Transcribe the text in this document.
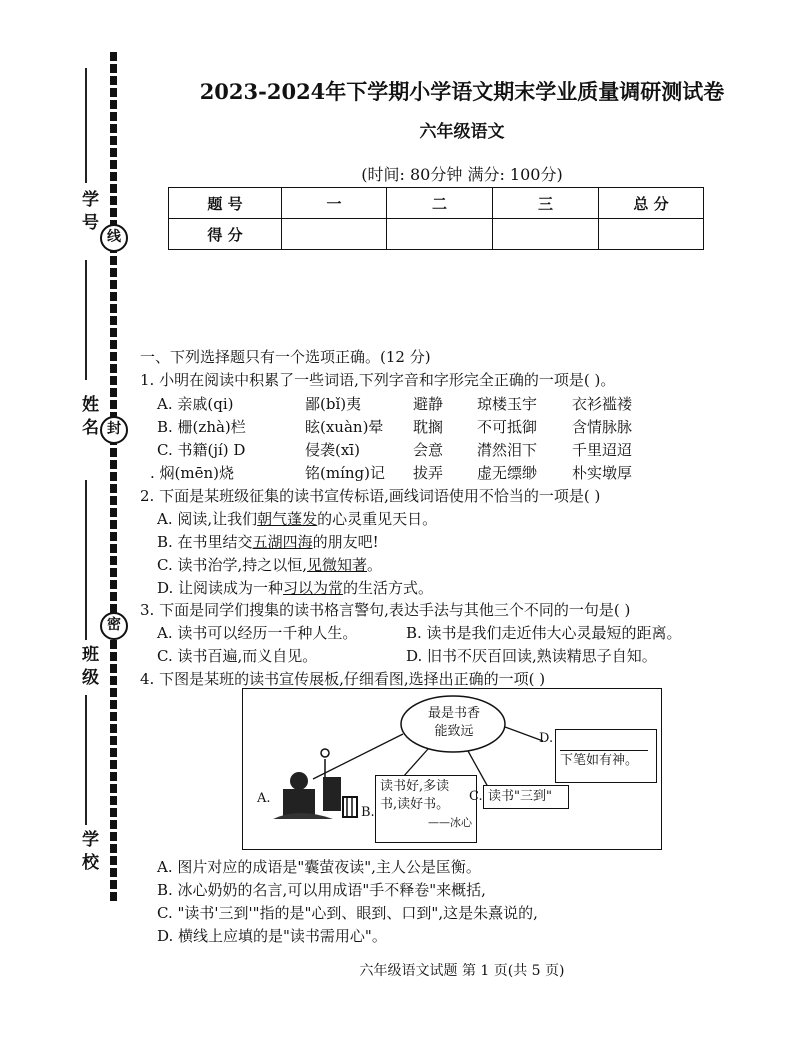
学 号
姓 名
班 级
学 校
线
封
密
2023-2024年下学期小学语文期末学业质量调研测试卷
六年级语文
(时间: 80分钟 满分: 100分)
题 号	一	二	三	总 分
得 分				
一、下列选择题只有一个选项正确。(12 分)
1. 小明在阅读中积累了一些词语,下列字音和字形完全正确的一项是( )。
A. 亲戚(qi)	鄙(bǐ)夷	避静 琼楼玉宇 衣衫褴褛
B. 栅(zhà)栏	眩(xuàn)晕 耽搁 不可抵御 含情脉脉
C. 书籍(jí) D	侵袭(xī)	会意 潸然泪下 千里迢迢
. 焖(mēn)烧	铭(míng)记 拔弄 虚无缥缈 朴实墩厚
2. 下面是某班级征集的读书宣传标语,画线词语使用不恰当的一项是( )
A. 阅读,让我们朝气蓬发的心灵重见天日。
B. 在书里结交五湖四海的朋友吧!
C. 读书治学,持之以恒,见微知著。
D. 让阅读成为一种习以为常的生活方式。
3. 下面是同学们搜集的读书格言警句,表达手法与其他三个不同的一句是( )
A. 读书可以经历一千种人生。	B. 读书是我们走近伟大心灵最短的距离。
C. 读书百遍,而义自见。	D. 旧书不厌百回读,熟读精思子自知。
4. 下图是某班的读书宣传展板,仔细看图,选择出正确的一项( )
最是书香
能致远
A.
B.
读书好,多读
书,读好书。
——冰心
C. 读书"三到"
D.
下笔如有神。
A. 图片对应的成语是"囊萤夜读",主人公是匡衡。
B. 冰心奶奶的名言,可以用成语"手不释卷"来概括,
C. "读书'三到'"指的是"心到、眼到、口到",这是朱熹说的,
D. 横线上应填的是"读书需用心"。
六年级语文试题 第 1 页(共 5 页)
